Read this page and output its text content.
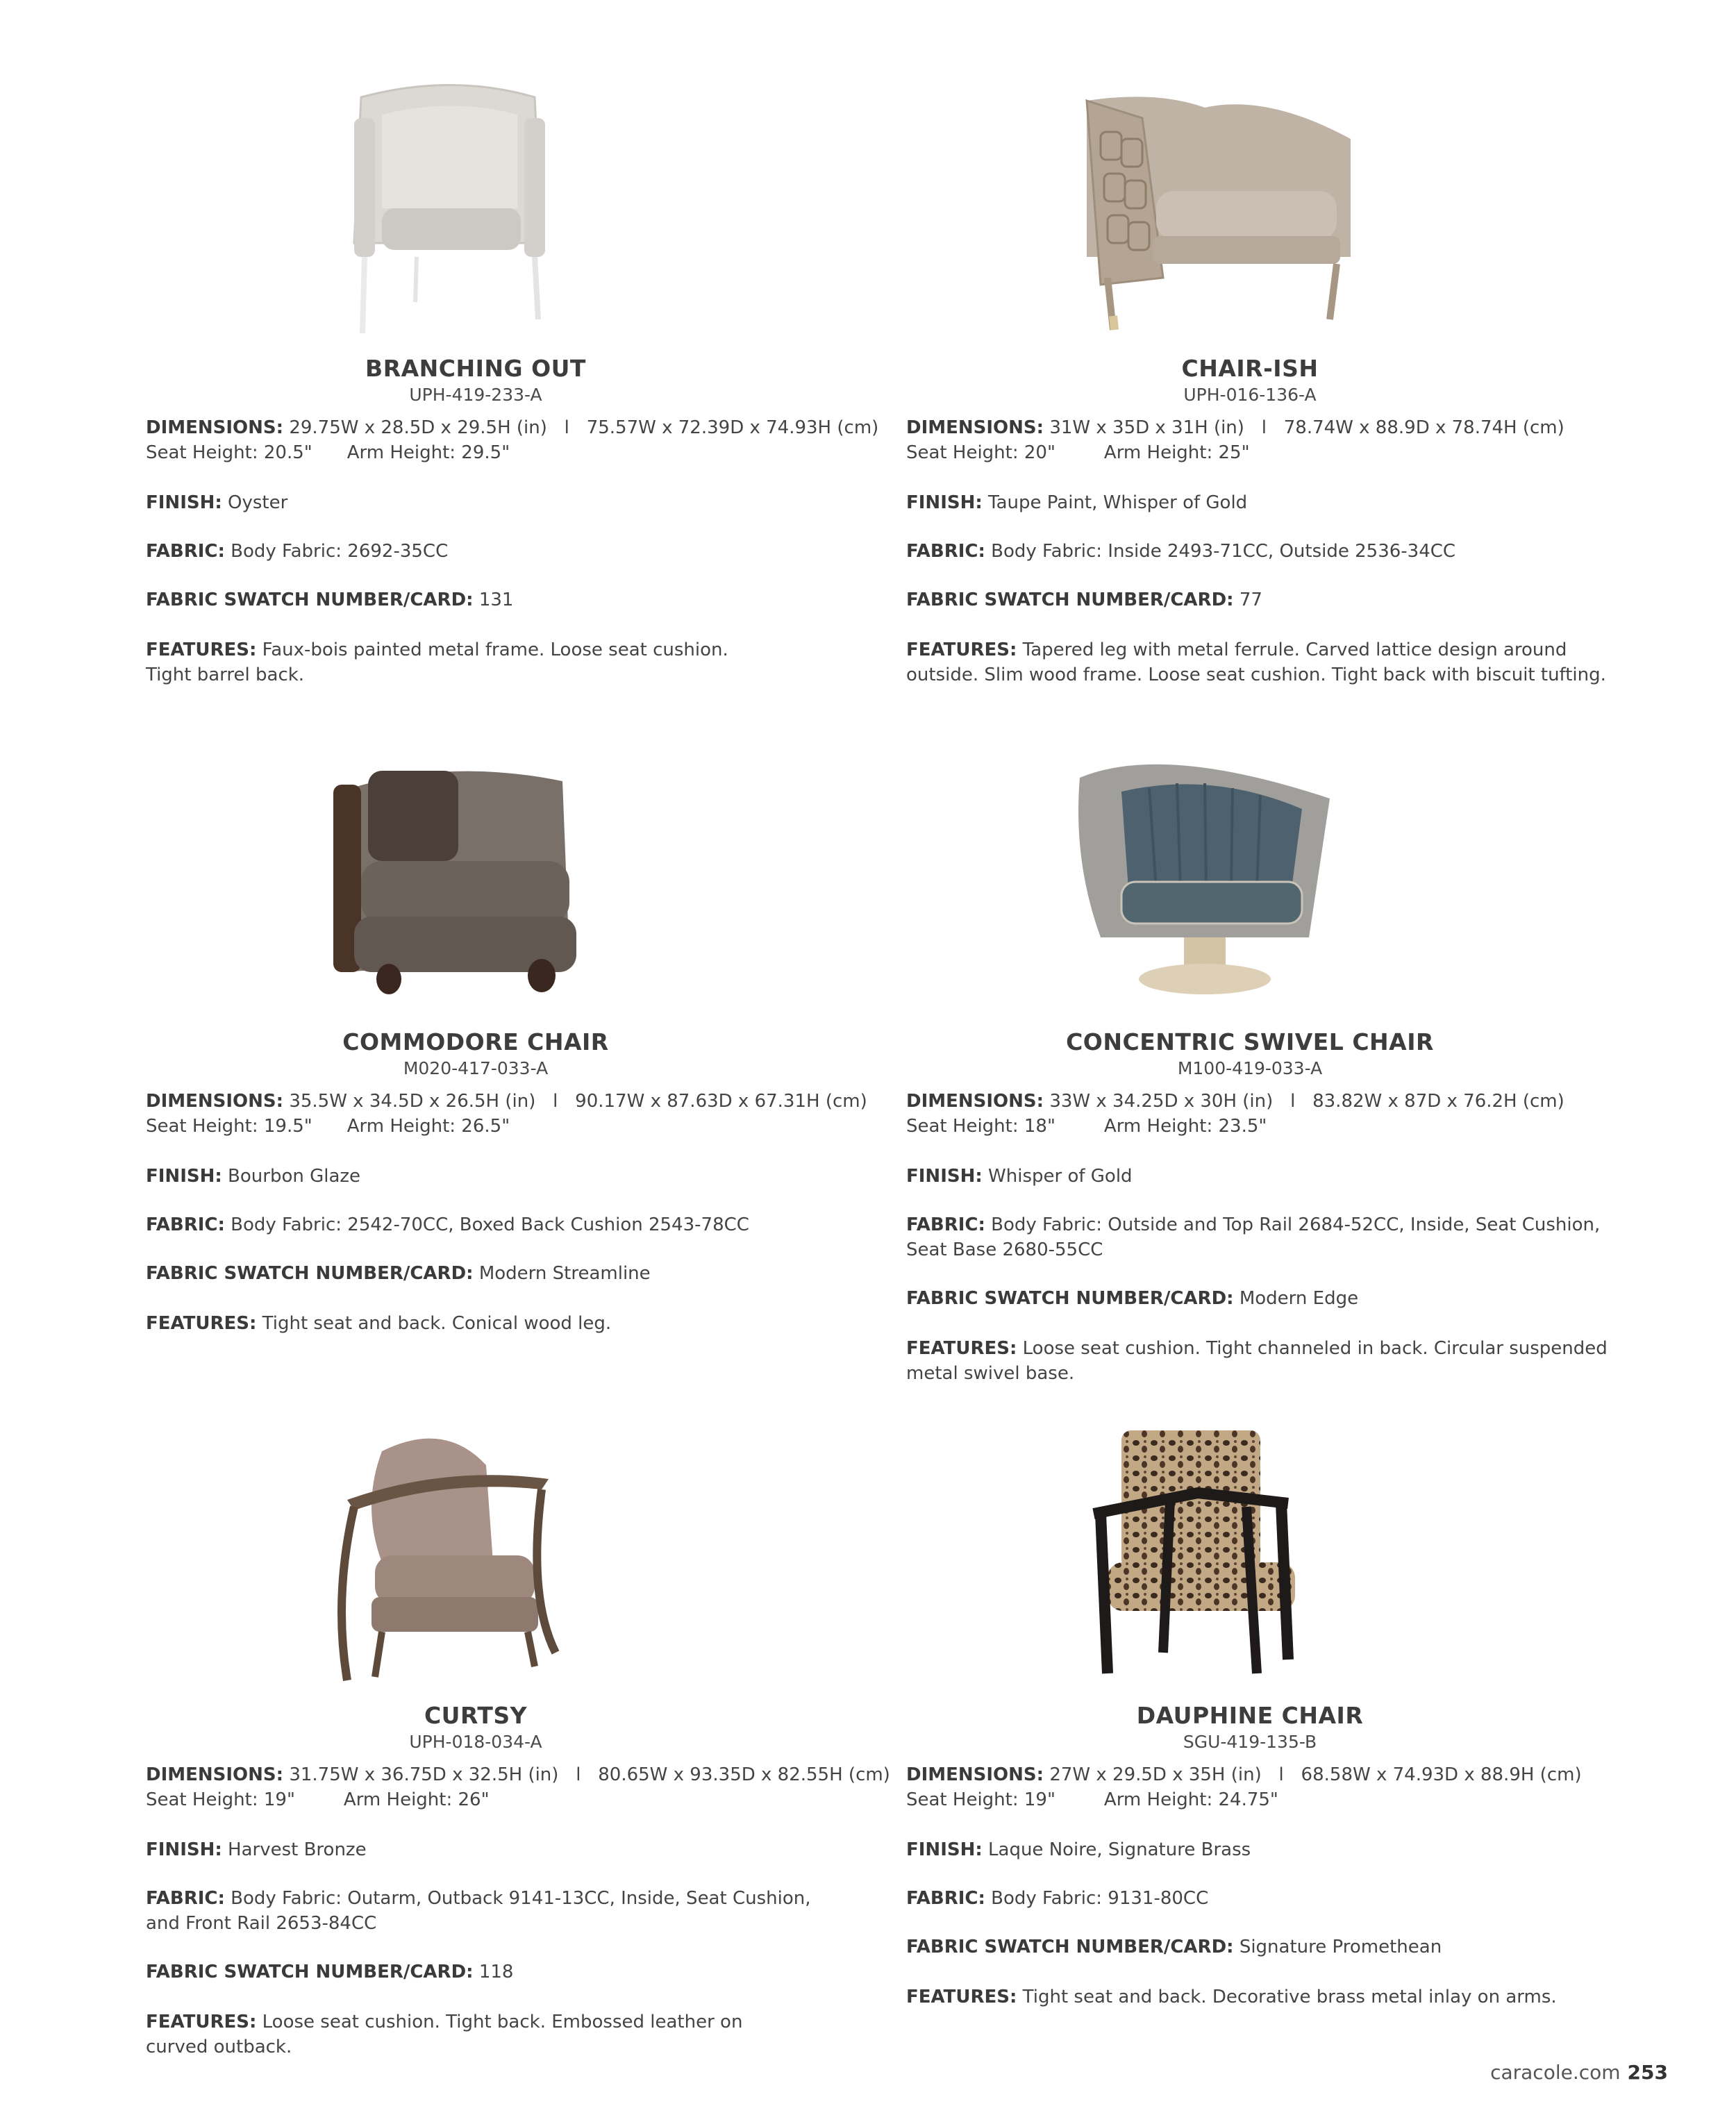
BRANCHING OUT
UPH-419-233-A
DIMENSIONS: 29.75W x 28.5D x 29.5H (in)   l   75.57W x 72.39D x 74.93H (cm)
Seat Height: 20.5" Arm Height: 29.5"
FINISH: Oyster
FABRIC: Body Fabric: 2692-35CC
FABRIC SWATCH NUMBER/CARD: 131
FEATURES: Faux-bois painted metal frame. Loose seat cushion. Tight barrel back.
CHAIR-ISH
UPH-016-136-A
DIMENSIONS: 31W x 35D x 31H (in)   l   78.74W x 88.9D x 78.74H (cm)
Seat Height: 20"	Arm Height: 25"
FINISH: Taupe Paint, Whisper of Gold
FABRIC: Body Fabric: Inside 2493-71CC, Outside 2536-34CC
FABRIC SWATCH NUMBER/CARD: 77
FEATURES: Tapered leg with metal ferrule. Carved lattice design around outside. Slim wood frame. Loose seat cushion. Tight back with biscuit tufting.
COMMODORE CHAIR
M020-417-033-A
DIMENSIONS: 35.5W x 34.5D x 26.5H (in)   l   90.17W x 87.63D x 67.31H (cm)
Seat Height: 19.5" Arm Height: 26.5"
FINISH: Bourbon Glaze
FABRIC: Body Fabric: 2542-70CC, Boxed Back Cushion 2543-78CC
FABRIC SWATCH NUMBER/CARD: Modern Streamline
FEATURES: Tight seat and back. Conical wood leg.
CONCENTRIC SWIVEL CHAIR
M100-419-033-A
DIMENSIONS: 33W x 34.25D x 30H (in)   l   83.82W x 87D x 76.2H (cm)
Seat Height: 18"	Arm Height: 23.5"
FINISH: Whisper of Gold
FABRIC: Body Fabric: Outside and Top Rail 2684-52CC, Inside, Seat Cushion, Seat Base 2680-55CC
FABRIC SWATCH NUMBER/CARD: Modern Edge
FEATURES: Loose seat cushion. Tight channeled in back. Circular suspended metal swivel base.
CURTSY
UPH-018-034-A
DIMENSIONS: 31.75W x 36.75D x 32.5H (in)   l   80.65W x 93.35D x 82.55H (cm)
Seat Height: 19"	Arm Height: 26"
FINISH: Harvest Bronze
FABRIC: Body Fabric: Outarm, Outback 9141-13CC, Inside, Seat Cushion, and Front Rail 2653-84CC
FABRIC SWATCH NUMBER/CARD: 118
FEATURES: Loose seat cushion. Tight back. Embossed leather on curved outback.
DAUPHINE CHAIR
SGU-419-135-B
DIMENSIONS: 27W x 29.5D x 35H (in)   l   68.58W x 74.93D x 88.9H (cm)
Seat Height: 19"	Arm Height: 24.75"
FINISH: Laque Noire, Signature Brass
FABRIC: Body Fabric: 9131-80CC
FABRIC SWATCH NUMBER/CARD: Signature Promethean
FEATURES: Tight seat and back. Decorative brass metal inlay on arms.
caracole.com 253
